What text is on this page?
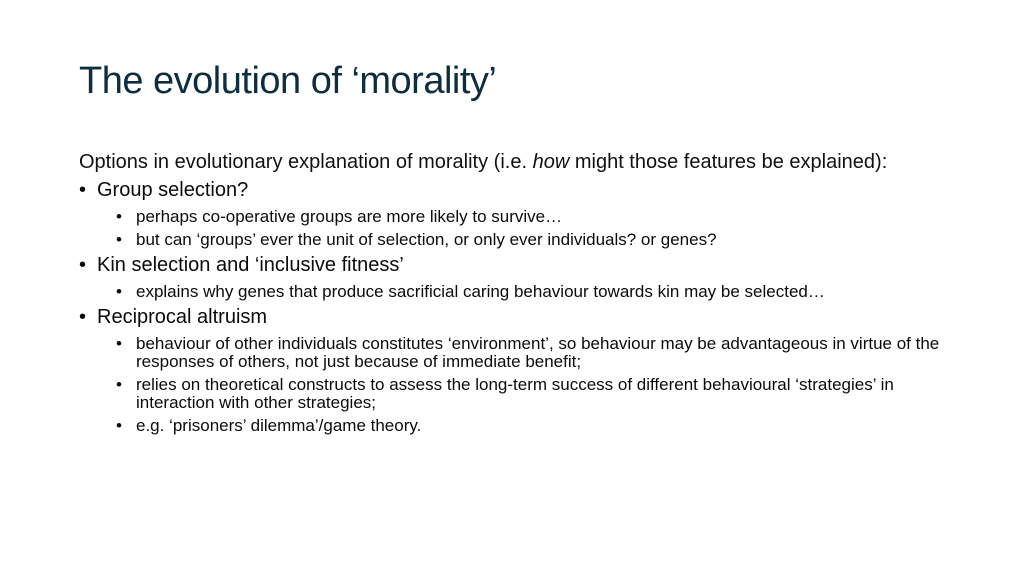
The evolution of ‘morality’

Options in evolutionary explanation of morality (i.e. how might those features be explained):

• Group selection?
• perhaps co-operative groups are more likely to survive…
• but can ‘groups’ ever the unit of selection, or only ever individuals? or genes?
• Kin selection and ‘inclusive fitness’
• explains why genes that produce sacrificial caring behaviour towards kin may be selected…
• Reciprocal altruism
• behaviour of other individuals constitutes ‘environment’, so behaviour may be advantageous in virtue of the responses of others, not just because of immediate benefit;
• relies on theoretical constructs to assess the long-term success of different behavioural ‘strategies’ in interaction with other strategies;
• e.g. ‘prisoners’ dilemma’/game theory.
